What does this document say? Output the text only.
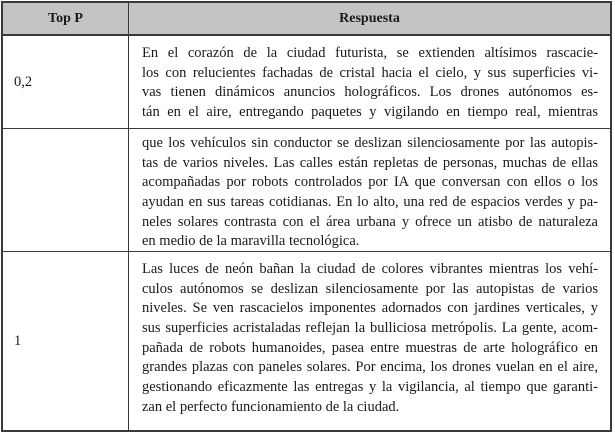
Top P	Respuesta
0,2
En el corazón de la ciudad futurista, se extienden altísimos rascacie-
los con relucientes fachadas de cristal hacia el cielo, y sus superficies vi-
vas tienen dinámicos anuncios holográficos. Los drones autónomos es-
tán en el aire, entregando paquetes y vigilando en tiempo real, mientras
que los vehículos sin conductor se deslizan silenciosamente por las autopis-
tas de varios niveles. Las calles están repletas de personas, muchas de ellas
acompañadas por robots controlados por IA que conversan con ellos o los
ayudan en sus tareas cotidianas. En lo alto, una red de espacios verdes y pa-
neles solares contrasta con el área urbana y ofrece un atisbo de naturaleza
en medio de la maravilla tecnológica.
1
Las luces de neón bañan la ciudad de colores vibrantes mientras los vehí-
culos autónomos se deslizan silenciosamente por las autopistas de varios
niveles. Se ven rascacielos imponentes adornados con jardines verticales, y
sus superficies acristaladas reflejan la bulliciosa metrópolis. La gente, acom-
pañada de robots humanoides, pasea entre muestras de arte holográfico en
grandes plazas con paneles solares. Por encima, los drones vuelan en el aire,
gestionando eficazmente las entregas y la vigilancia, al tiempo que garanti-
zan el perfecto funcionamiento de la ciudad.
